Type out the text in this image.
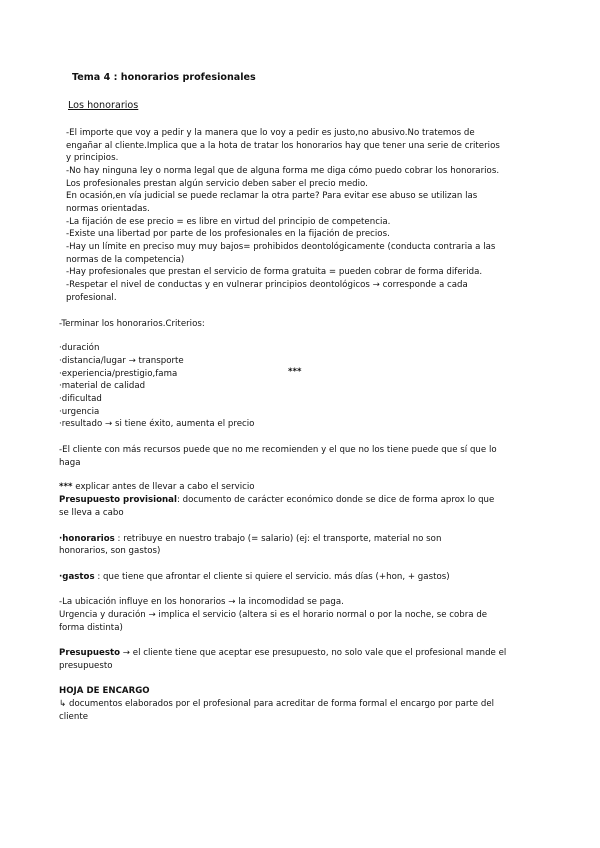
Tema 4 : honorarios profesionales
Los honorarios
-El importe que voy a pedir y la manera que lo voy a pedir es justo,no abusivo.No tratemos de
engañar al cliente.Implica que a la hota de tratar los honorarios hay que tener una serie de criterios
y principios.
-No hay ninguna ley o norma legal que de alguna forma me diga cómo puedo cobrar los honorarios.
Los profesionales prestan algún servicio deben saber el precio medio.
En ocasión,en vía judicial se puede reclamar la otra parte? Para evitar ese abuso se utilizan las
normas orientadas.
-La fijación de ese precio = es libre en virtud del principio de competencia.
-Existe una libertad por parte de los profesionales en la fijación de precios.
-Hay un límite en preciso muy muy bajos= prohibidos deontológicamente (conducta contraria a las
normas de la competencia)
-Hay profesionales que prestan el servicio de forma gratuita = pueden cobrar de forma diferida.
-Respetar el nivel de conductas y en vulnerar principios deontológicos → corresponde a cada
profesional.
-Terminar los honorarios.Criterios:
·duración
·distancia/lugar → transporte
·experiencia/prestigio,fama	***
·material de calidad
·dificultad
·urgencia
·resultado → si tiene éxito, aumenta el precio
-El cliente con más recursos puede que no me recomienden y el que no los tiene puede que sí que lo
haga
*** explicar antes de llevar a cabo el servicio
Presupuesto provisional: documento de carácter económico donde se dice de forma aprox lo que
se lleva a cabo
·honorarios : retribuye en nuestro trabajo (= salario) (ej: el transporte, material no son
honorarios, son gastos)
·gastos : que tiene que afrontar el cliente si quiere el servicio. más días (+hon, + gastos)
-La ubicación influye en los honorarios → la incomodidad se paga.
Urgencia y duración → implica el servicio (altera si es el horario normal o por la noche, se cobra de
forma distinta)
Presupuesto → el cliente tiene que aceptar ese presupuesto, no solo vale que el profesional mande el
presupuesto
HOJA DE ENCARGO
↳ documentos elaborados por el profesional para acreditar de forma formal el encargo por parte del
cliente
